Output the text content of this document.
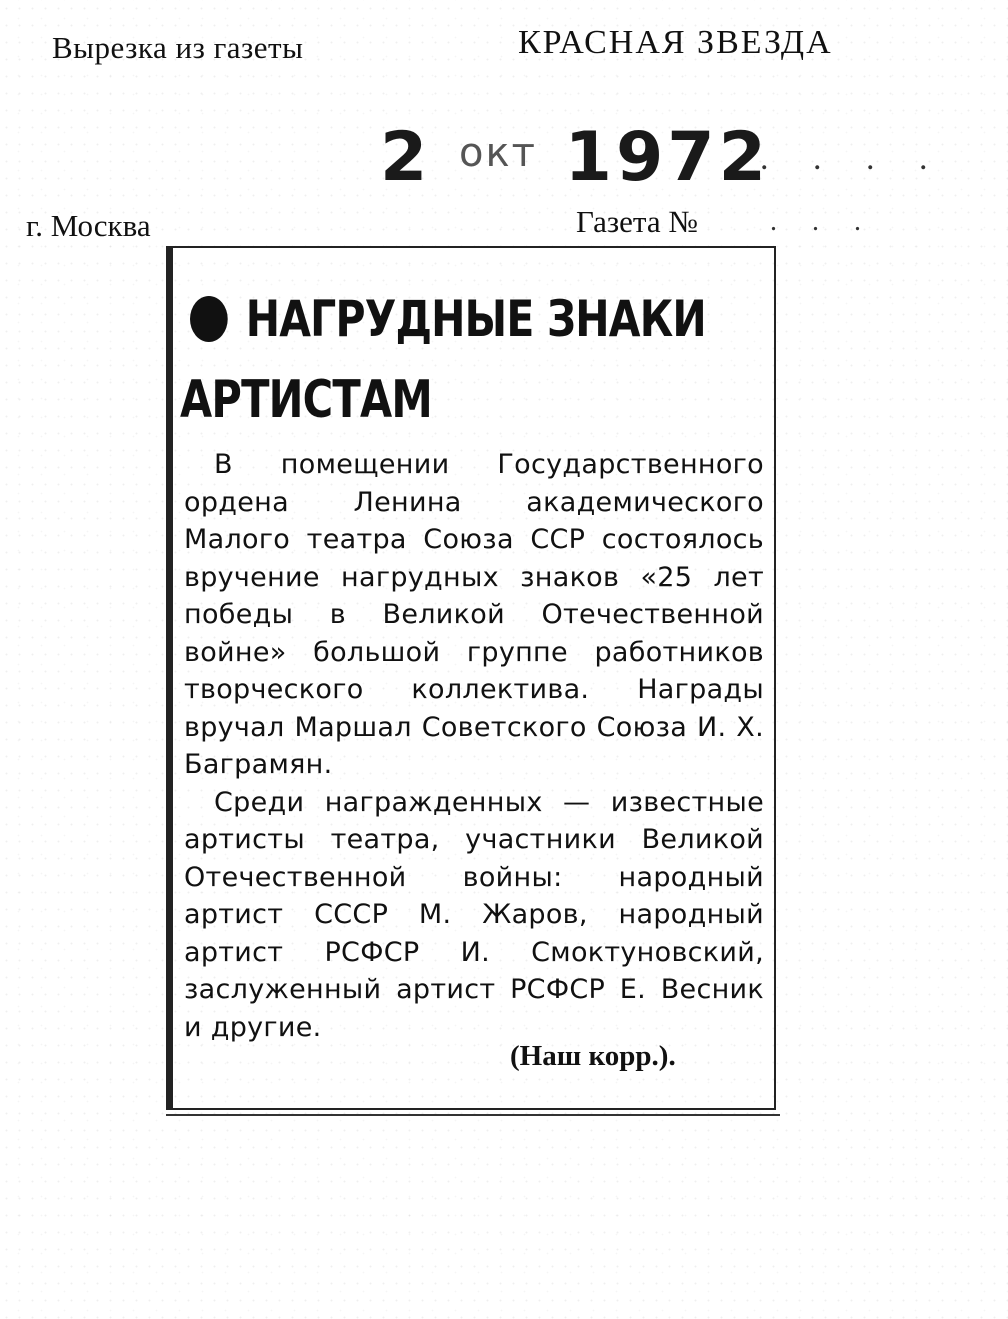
Вырезка из газеты	КРАСНАЯ ЗВЕЗДА
2 $^{окт}$ 1972
. . . .
г. Москва	Газета №	. . .
НАГРУДНЫЕ ЗНАКИ
АРТИСТАМ

В помещении Государственного ордена Ленина академического Малого театра Союза ССР состоялось вручение нагрудных знаков «25 лет победы в Великой Отечественной войне» большой группе работников творческого коллектива. Награды вручал Маршал Советского Союза И. Х. Баграмян.

Среди награжденных — известные артисты театра, участники Великой Отечественной войны: народный артист СССР М. Жаров, народный артист РСФСР И. Смоктуновский, заслуженный артист РСФСР Е. Весник и другие.

(Наш корр.).
